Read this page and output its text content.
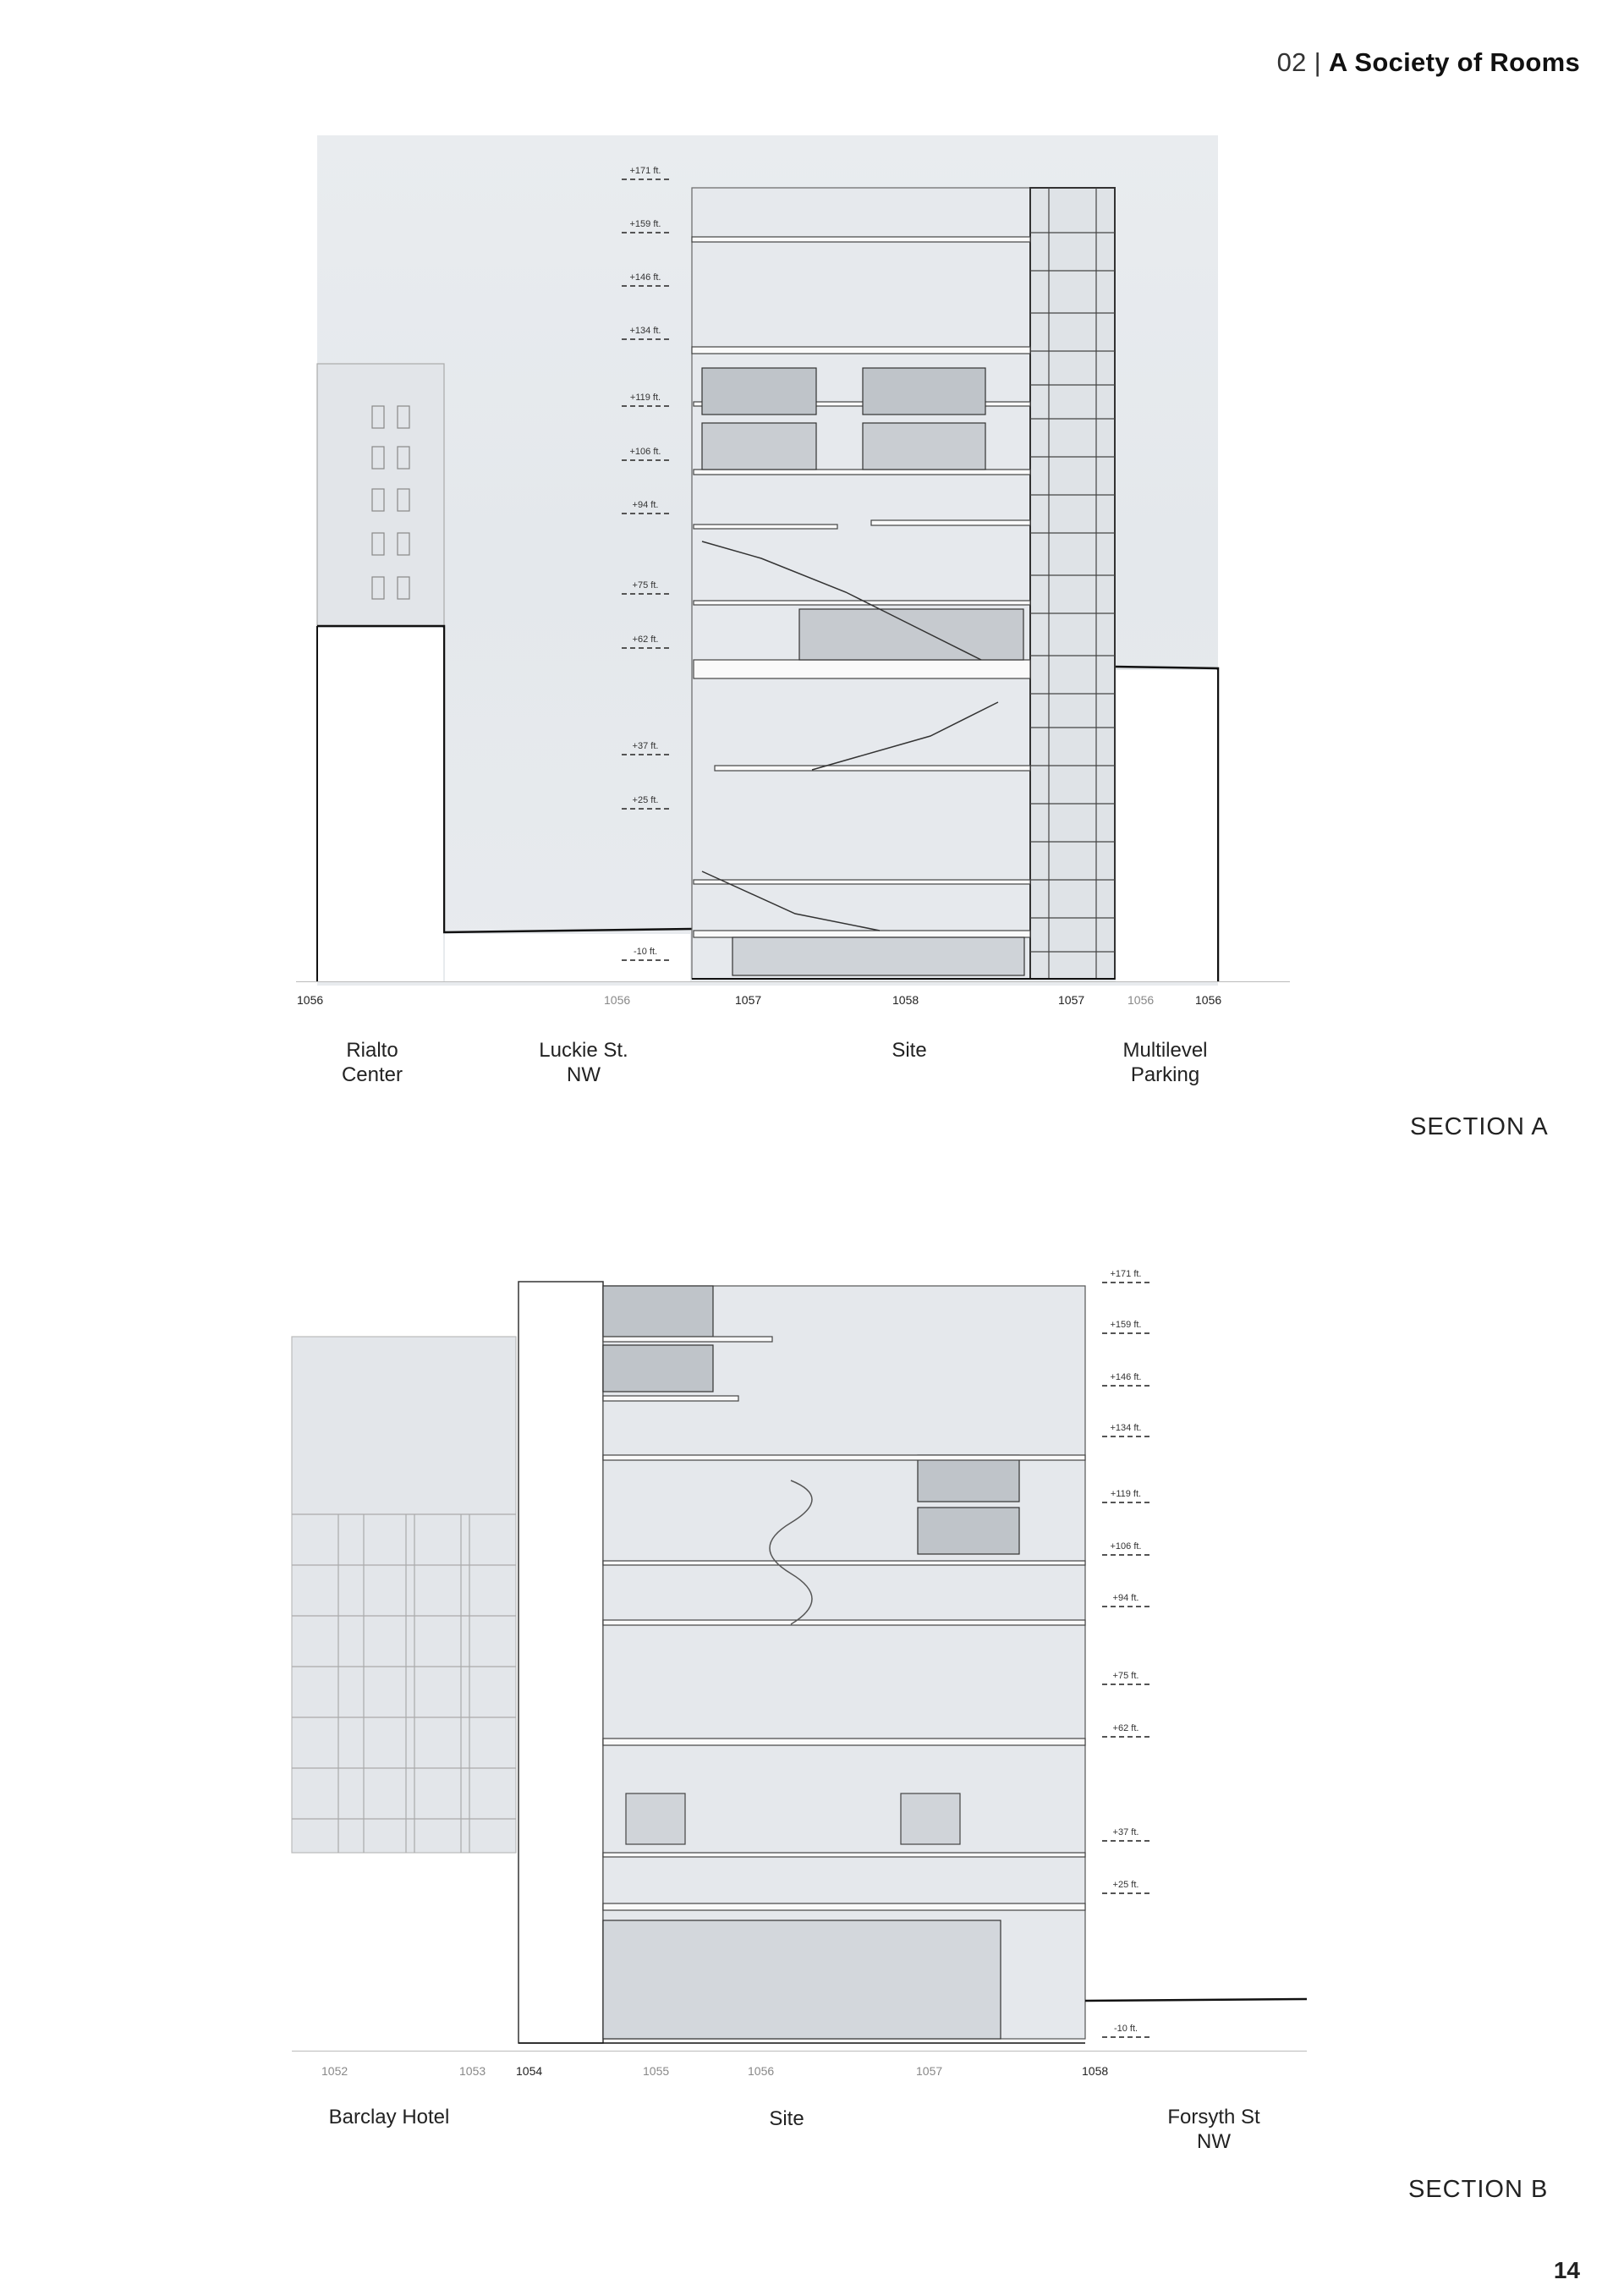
02 | A Society of Rooms
+171 ft.
+159 ft.
+146 ft.
+134 ft.
+119 ft.
+106 ft.
+94 ft.
+75 ft.
+62 ft.
+37 ft.
+25 ft.
-10 ft.
1056	1056	1057	1058	1057	1056	1056
Rialto
Center
Luckie St.
NW
Site	Multilevel
Parking
SECTION A
+171 ft.
+159 ft.
+146 ft.
+134 ft.
+119 ft.
+106 ft.
+94 ft.
+75 ft.
+62 ft.
+37 ft.
+25 ft.
-10 ft.
1052	1053	1054	1055	1056	1057	1058
Barclay Hotel	Site	Forsyth St
NW
SECTION B
14
